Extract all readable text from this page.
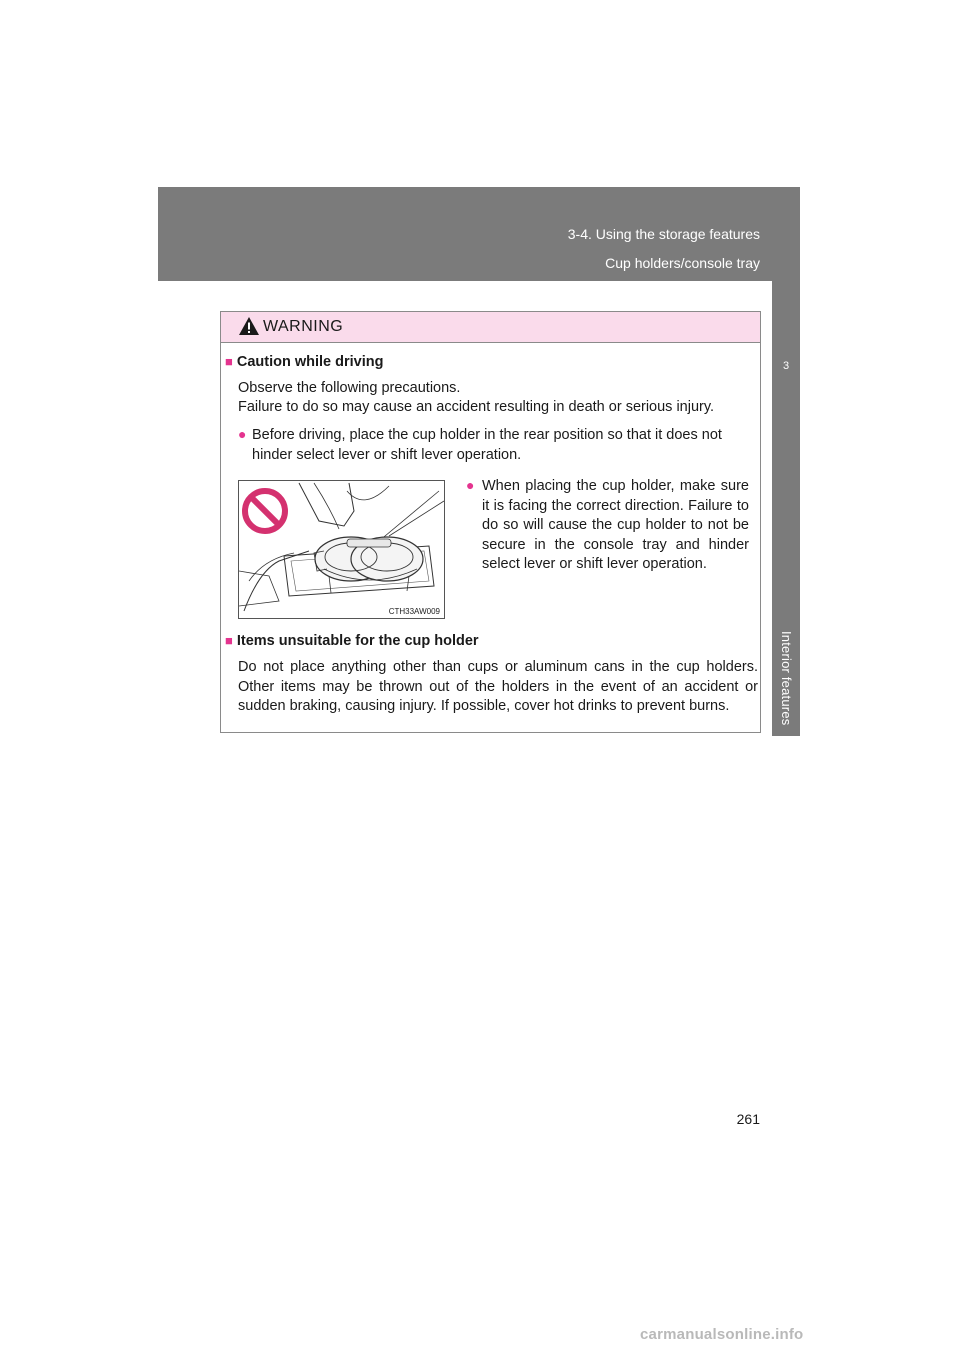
3-4. Using the storage features
Cup holders/console tray
3
Interior features
WARNING
■ Caution while driving
Observe the following precautions.
Failure to do so may cause an accident resulting in death or serious injury.
● Before driving, place the cup holder in the rear position so that it does not hinder select lever or shift lever operation.
CTH33AW009
● When placing the cup holder, make sure it is facing the correct direction. Failure to do so will cause the cup holder to not be secure in the console tray and hinder select lever or shift lever operation.
■ Items unsuitable for the cup holder
Do not place anything other than cups or aluminum cans in the cup holders. Other items may be thrown out of the holders in the event of an accident or sudden braking, causing injury. If possible, cover hot drinks to prevent burns.
261
carmanualsonline.info
